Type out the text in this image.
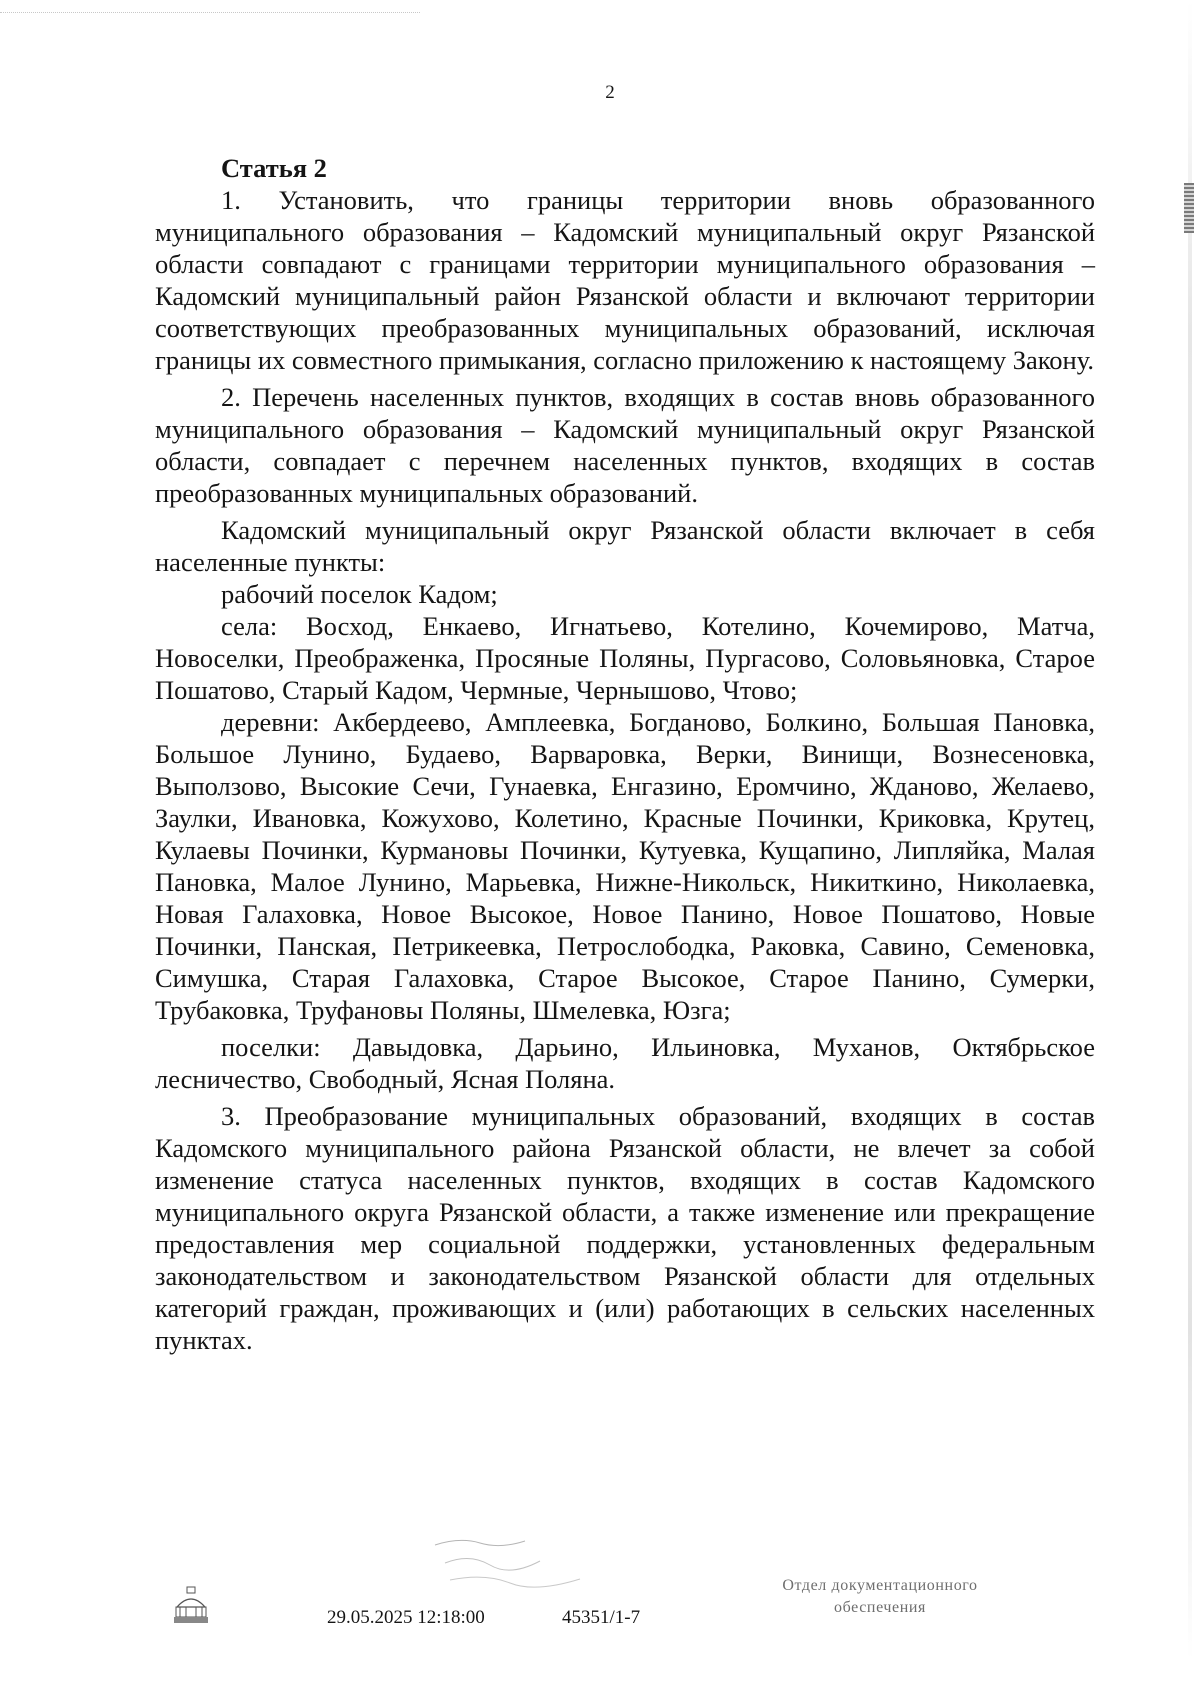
2

Статья 2

1. Установить, что границы территории вновь образованного муниципального образования – Кадомский муниципальный округ Рязанской области совпадают с границами территории муниципального образования – Кадомский муниципальный район Рязанской области и включают территории соответствующих преобразованных муниципальных образований, исключая границы их совместного примыкания, согласно приложению к настоящему Закону.

2. Перечень населенных пунктов, входящих в состав вновь образованного муниципального образования – Кадомский муниципальный округ Рязанской области, совпадает с перечнем населенных пунктов, входящих в состав преобразованных муниципальных образований.

Кадомский муниципальный округ Рязанской области включает в себя населенные пункты:

рабочий поселок Кадом;

села: Восход, Енкаево, Игнатьево, Котелино, Кочемирово, Матча, Новоселки, Преображенка, Просяные Поляны, Пургасово, Соловьяновка, Старое Пошатово, Старый Кадом, Чермные, Чернышово, Чтово;

деревни: Акбердеево, Амплеевка, Богданово, Болкино, Большая Пановка, Большое Лунино, Будаево, Варваровка, Верки, Винищи, Вознесеновка, Выползово, Высокие Сечи, Гунаевка, Енгазино, Еромчино, Жданово, Желаево, Заулки, Ивановка, Кожухово, Колетино, Красные Починки, Криковка, Крутец, Кулаевы Починки, Курмановы Починки, Кутуевка, Кущапино, Липляйка, Малая Пановка, Малое Лунино, Марьевка, Нижне-Никольск, Никиткино, Николаевка, Новая Галаховка, Новое Высокое, Новое Панино, Новое Пошатово, Новые Починки, Панская, Петрикеевка, Петрослободка, Раковка, Савино, Семеновка, Симушка, Старая Галаховка, Старое Высокое, Старое Панино, Сумерки, Трубаковка, Труфановы Поляны, Шмелевка, Юзга;

поселки: Давыдовка, Дарьино, Ильиновка, Муханов, Октябрьское лесничество, Свободный, Ясная Поляна.

3. Преобразование муниципальных образований, входящих в состав Кадомского муниципального района Рязанской области, не влечет за собой изменение статуса населенных пунктов, входящих в состав Кадомского муниципального округа Рязанской области, а также изменение или прекращение предоставления мер социальной поддержки, установленных федеральным законодательством и законодательством Рязанской области для отдельных категорий граждан, проживающих и (или) работающих в сельских населенных пунктах.

29.05.2025 12:18:00	45351/1-7
Отдел документационного
обеспечения
